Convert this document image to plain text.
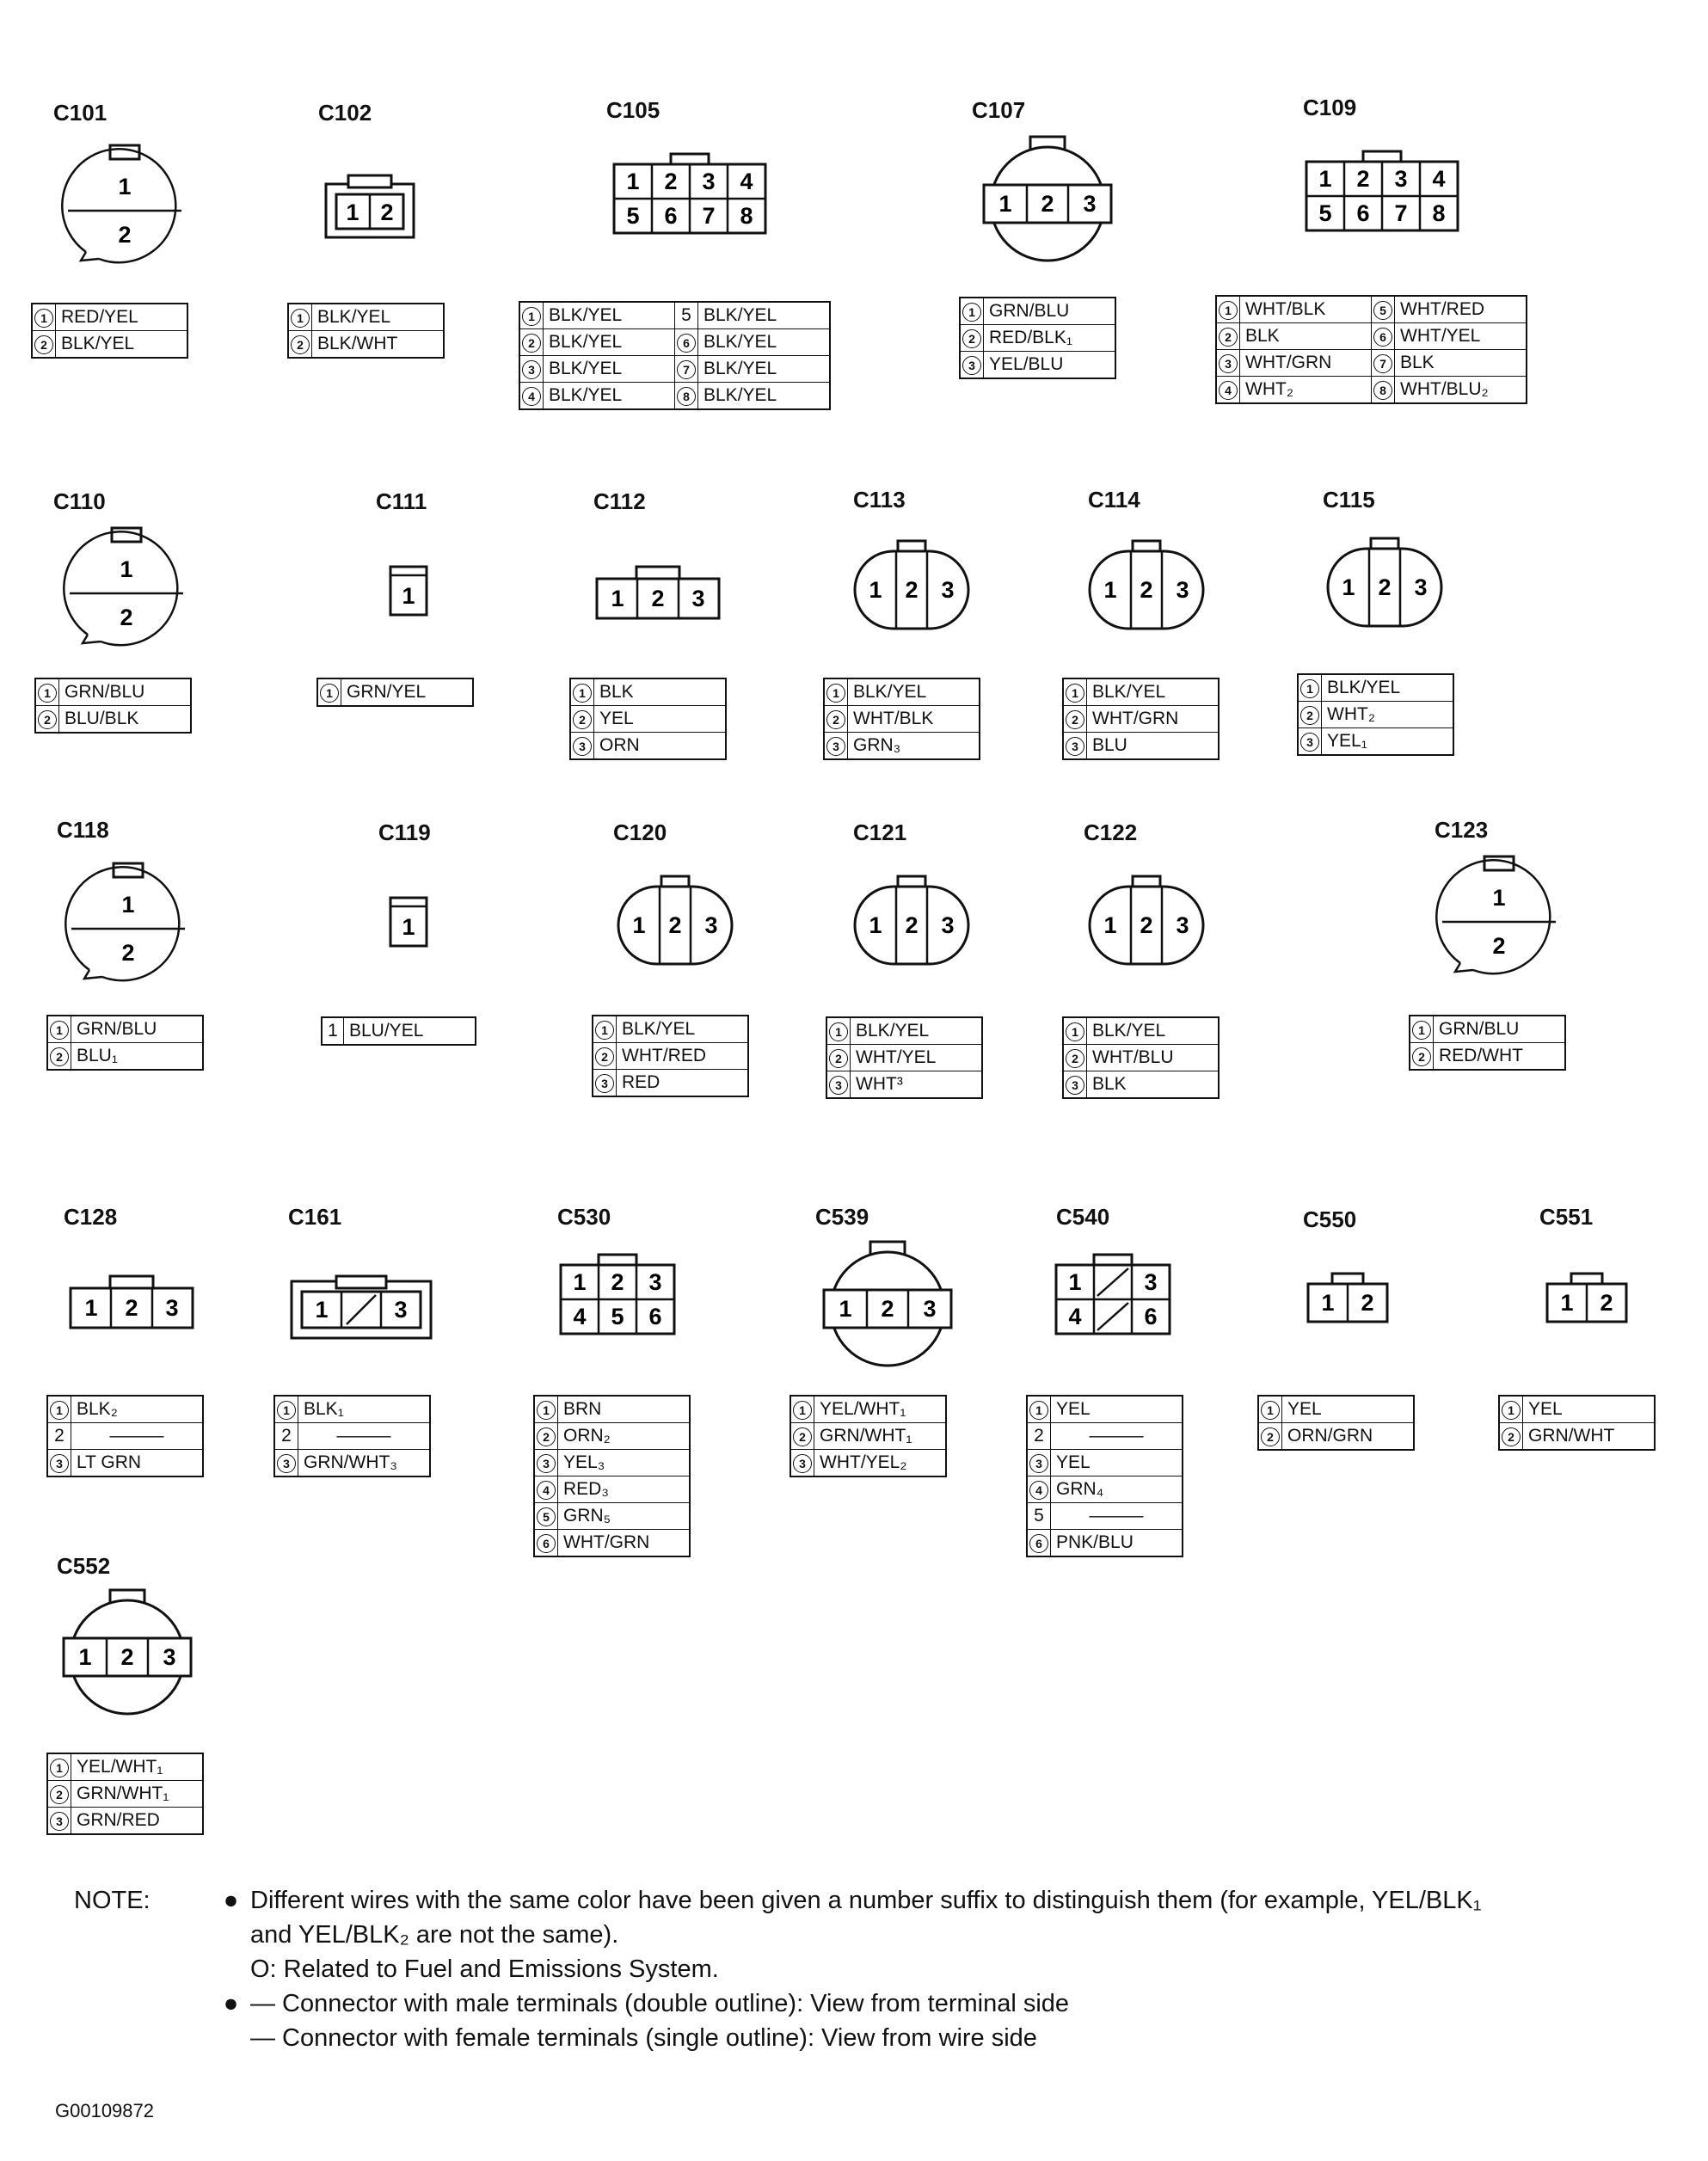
C101
1
2
1	RED/YEL
2	BLK/YEL
C102
1 2
1	BLK/YEL
2	BLK/WHT
C105
1 2 3 4
5 6 7 8
1	BLK/YEL	5	BLK/YEL
2	BLK/YEL	6	BLK/YEL
3	BLK/YEL	7	BLK/YEL
4	BLK/YEL	8	BLK/YEL
C107
1 2 3
1	GRN/BLU
2	RED/BLK₁
3	YEL/BLU
C109
1 2 3 4
5 6 7 8
1	WHT/BLK	5	WHT/RED
2	BLK	6	WHT/YEL
3	WHT/GRN	7	BLK
4	WHT₂	8	WHT/BLU₂
C110
1
2
1	GRN/BLU
2	BLU/BLK
C111
1
1	GRN/YEL
C112
1 2 3
1	BLK
2	YEL
3	ORN
C113
1 2 3
1	BLK/YEL
2	WHT/BLK
3	GRN₃
C114
1 2 3
1	BLK/YEL
2	WHT/GRN
3	BLU
C115
1 2 3
1	BLK/YEL
2	WHT₂
3	YEL₁
C118
1
2
1	GRN/BLU
2	BLU₁
C119
1
1	BLU/YEL
C120
1 2 3
1	BLK/YEL
2	WHT/RED
3	RED
C121
1 2 3
1	BLK/YEL
2	WHT/YEL
3	WHT³
C122
1 2 3
1	BLK/YEL
2	WHT/BLU
3	BLK
C123
1
2
1	GRN/BLU
2	RED/WHT
C128
1 2 3
1	BLK₂
2	———
3	LT GRN
C161
1	3
1	BLK₁
2	———
3	GRN/WHT₃
C530
1 2 3
4 5 6
1	BRN
2	ORN₂
3	YEL₃
4	RED₃
5	GRN₅
6	WHT/GRN
C539
1 2 3
1	YEL/WHT₁
2	GRN/WHT₁
3	WHT/YEL₂
C540
1	3
4	6
1	YEL
2	———
3	YEL
4	GRN₄
5	———
6	PNK/BLU
C550
1 2
1	YEL
2	ORN/GRN
C551
1 2
1	YEL
2	GRN/WHT
C552
1 2 3
1	YEL/WHT₁
2	GRN/WHT₁
3	GRN/RED
NOTE:	● Different wires with the same color have been given a number suffix to distinguish them (for example, YEL/BLK₁
and YEL/BLK₂ are not the same).
O: Related to Fuel and Emissions System.
● — Connector with male terminals (double outline): View from terminal side
— Connector with female terminals (single outline): View from wire side
G00109872
